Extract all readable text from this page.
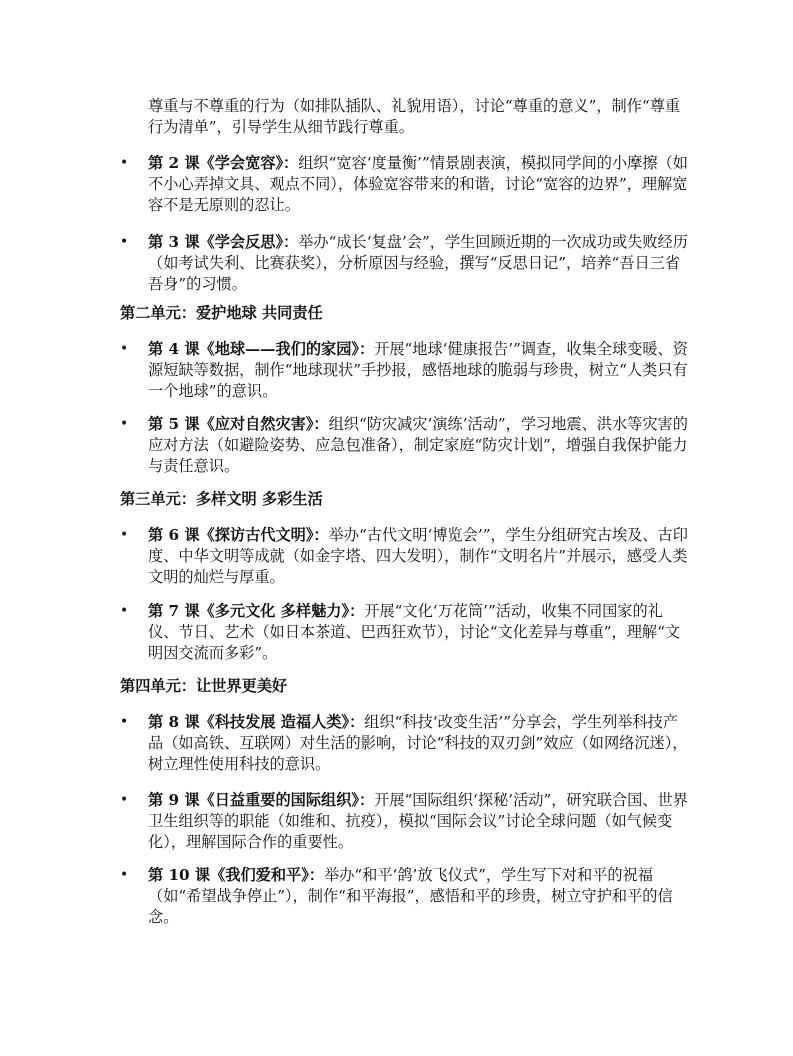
尊重与不尊重的行为（如排队插队、礼貌用语），讨论“尊重的意义”，制作“尊重行为清单”，引导学生从细节践行尊重。
•	第 2 课《学会宽容》：组织“宽容‘度量衡’”情景剧表演，模拟同学间的小摩擦（如不小心弄掉文具、观点不同），体验宽容带来的和谐，讨论“宽容的边界”，理解宽容不是无原则的忍让。
•	第 3 课《学会反思》：举办“成长‘复盘’会”，学生回顾近期的一次成功或失败经历（如考试失利、比赛获奖），分析原因与经验，撰写“反思日记”，培养“吾日三省吾身”的习惯。
第二单元：爱护地球 共同责任
•	第 4 课《地球——我们的家园》：开展“地球‘健康报告’”调查，收集全球变暖、资源短缺等数据，制作“地球现状”手抄报，感悟地球的脆弱与珍贵，树立“人类只有一个地球”的意识。
•	第 5 课《应对自然灾害》：组织“防灾减灾‘演练’活动”，学习地震、洪水等灾害的应对方法（如避险姿势、应急包准备），制定家庭“防灾计划”，增强自我保护能力与责任意识。
第三单元：多样文明 多彩生活
•	第 6 课《探访古代文明》：举办“古代文明‘博览会’”，学生分组研究古埃及、古印度、中华文明等成就（如金字塔、四大发明），制作“文明名片”并展示，感受人类文明的灿烂与厚重。
•	第 7 课《多元文化 多样魅力》：开展“文化‘万花筒’”活动，收集不同国家的礼仪、节日、艺术（如日本茶道、巴西狂欢节），讨论“文化差异与尊重”，理解“文明因交流而多彩”。
第四单元：让世界更美好
•	第 8 课《科技发展 造福人类》：组织“科技‘改变生活’”分享会，学生列举科技产品（如高铁、互联网）对生活的影响，讨论“科技的双刃剑”效应（如网络沉迷），树立理性使用科技的意识。
•	第 9 课《日益重要的国际组织》：开展“国际组织‘探秘’活动”，研究联合国、世界卫生组织等的职能（如维和、抗疫），模拟“国际会议”讨论全球问题（如气候变化），理解国际合作的重要性。
•	第 10 课《我们爱和平》：举办“和平‘鸽’放飞仪式”，学生写下对和平的祝福（如“希望战争停止”），制作“和平海报”，感悟和平的珍贵，树立守护和平的信念。
